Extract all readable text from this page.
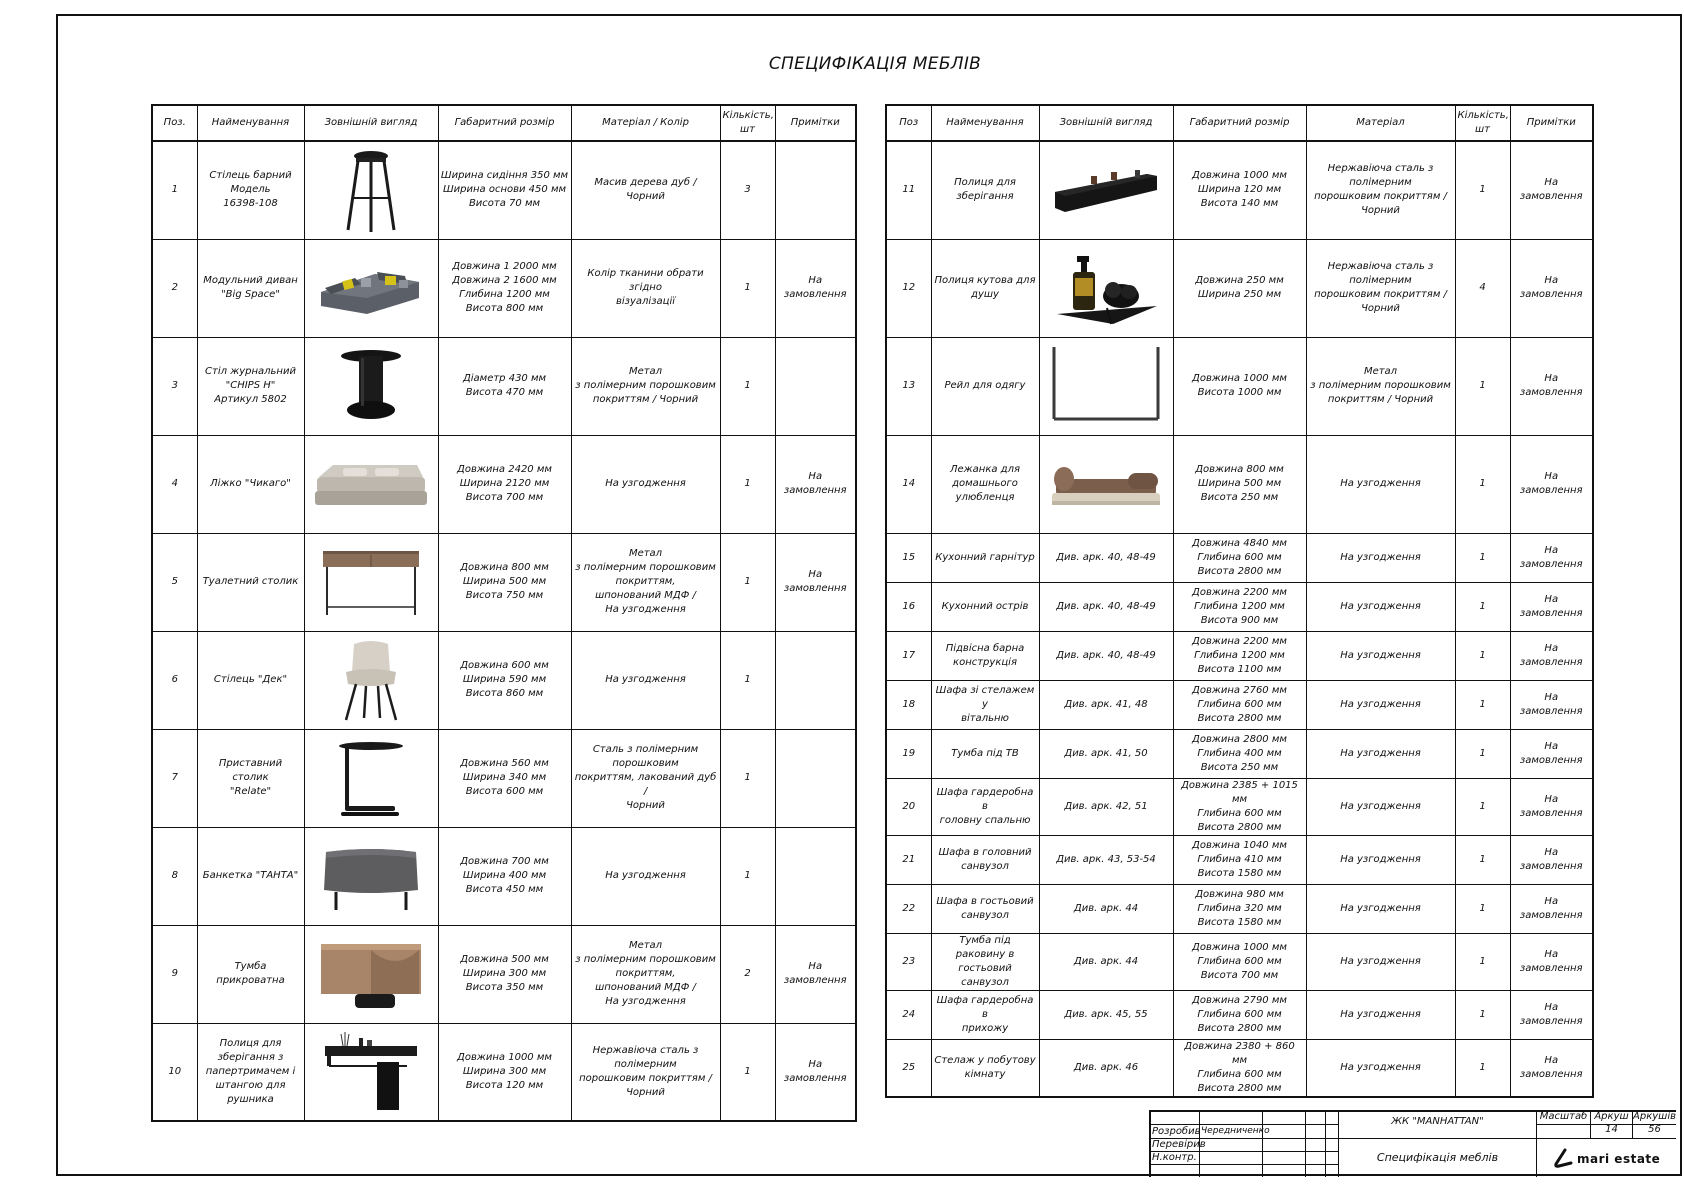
СПЕЦИФІКАЦІЯ МЕБЛІВ
Поз.	Найменування	Зовнішній вигляд	Габаритний розмір	Матеріал / Колір	Кількість,
шт	Примітки
1	Стілець барний
Модель
16398-108		Ширина сидіння 350 мм
Ширина основи 450 мм
Висота 70 мм	Масив дерева дуб / Чорний	3	
2	Модульний диван
"Big Space"		Довжина 1 2000 мм
Довжина 2 1600 мм
Глибина 1200 мм
Висота 800 мм	Колір тканини обрати згідно
візуалізації	1	На замовлення
3	Стіл журнальний
"CHIPS H"
Артикул 5802		Діаметр 430 мм
Висота 470 мм	Метал
з полімерним порошковим
покриттям / Чорний	1	
4	Ліжко "Чикаго"		Довжина 2420 мм
Ширина 2120 мм
Висота 700 мм	На узгодження	1	На замовлення
5	Туалетний столик		Довжина 800 мм
Ширина 500 мм
Висота 750 мм	Метал
з полімерним порошковим
покриттям,
шпонований МДФ /
На узгодження	1	На замовлення
6	Стілець "Дек"		Довжина 600 мм
Ширина 590 мм
Висота 860 мм	На узгодження	1	
7	Приставний столик
"Relate"		Довжина 560 мм
Ширина 340 мм
Висота 600 мм	Сталь з полімерним порошковим
покриттям, лакований дуб /
Чорний	1	
8	Банкетка "ТАНТА"		Довжина 700 мм
Ширина 400 мм
Висота 450 мм	На узгодження	1	
9	Тумба прикроватна		Довжина 500 мм
Ширина 300 мм
Висота 350 мм	Метал
з полімерним порошковим
покриттям,
шпонований МДФ /
На узгодження	2	На замовлення
10	Полиця для зберігання з
папертримачем і
штангою для рушника		Довжина 1000 мм
Ширина 300 мм
Висота 120 мм	Нержавіюча сталь з полімерним
порошковим покриттям / Чорний	1	На замовлення
Поз	Найменування	Зовнішній вигляд	Габаритний розмір	Матеріал	Кількість,
шт	Примітки
11	Полиця для зберігання		Довжина 1000 мм
Ширина 120 мм
Висота 140 мм	Нержавіюча сталь з полімерним
порошковим покриттям / Чорний	1	На замовлення
12	Полиця кутова для
душу		Довжина 250 мм
Ширина 250 мм	Нержавіюча сталь з полімерним
порошковим покриттям / Чорний	4	На замовлення
13	Рейл для одягу		Довжина 1000 мм
Висота 1000 мм	Метал
з полімерним порошковим
покриттям / Чорний	1	На замовлення
14	Лежанка для
домашнього улюбленця		Довжина 800 мм
Ширина 500 мм
Висота 250 мм	На узгодження	1	На замовлення
15	Кухонний гарнітур	Див. арк. 40, 48-49	Довжина 4840 мм
Глибина 600 мм
Висота 2800 мм	На узгодження	1	На замовлення
16	Кухонний острів	Див. арк. 40, 48-49	Довжина 2200 мм
Глибина 1200 мм
Висота 900 мм	На узгодження	1	На замовлення
17	Підвісна барна
конструкція	Див. арк. 40, 48-49	Довжина 2200 мм
Глибина 1200 мм
Висота 1100 мм	На узгодження	1	На замовлення
18	Шафа зі стелажем у
вітальню	Див. арк. 41, 48	Довжина 2760 мм
Глибина 600 мм
Висота 2800 мм	На узгодження	1	На замовлення
19	Тумба під ТВ	Див. арк. 41, 50	Довжина 2800 мм
Глибина 400 мм
Висота 250 мм	На узгодження	1	На замовлення
20	Шафа гардеробна в
головну спальню	Див. арк. 42, 51	Довжина 2385 + 1015 мм
Глибина 600 мм
Висота 2800 мм	На узгодження	1	На замовлення
21	Шафа в головний
санвузол	Див. арк. 43, 53-54	Довжина 1040 мм
Глибина 410 мм
Висота 1580 мм	На узгодження	1	На замовлення
22	Шафа в гостьовий
санвузол	Див. арк. 44	Довжина 980 мм
Глибина 320 мм
Висота 1580 мм	На узгодження	1	На замовлення
23	Тумба під раковину в
гостьовий санвузол	Див. арк. 44	Довжина 1000 мм
Глибина 600 мм
Висота 700 мм	На узгодження	1	На замовлення
24	Шафа гардеробна в
прихожу	Див. арк. 45, 55	Довжина 2790 мм
Глибина 600 мм
Висота 2800 мм	На узгодження	1	На замовлення
25	Стелаж у побутову
кімнату	Див. арк. 46	Довжина 2380 + 860 мм
Глибина 600 мм
Висота 2800 мм	На узгодження	1	На замовлення
Розробив Чередниченко
Перевірив
Н.контр.
ЖК "MANHATTAN"
Специфікація меблів
Масштаб Аркуш Аркушів
14	56
mari estate
